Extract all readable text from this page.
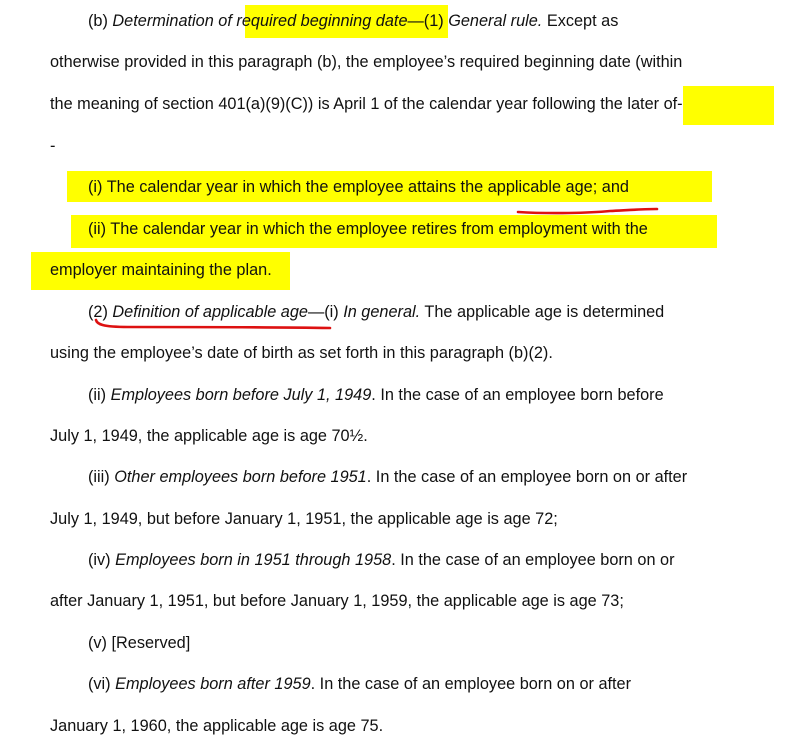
(b) Determination of required beginning date—(1) General rule. Except as
otherwise provided in this paragraph (b), the employee’s required beginning date (within
the meaning of section 401(a)(9)(C)) is April 1 of the calendar year following the later of-
-
(i) The calendar year in which the employee attains the applicable age; and
(ii) The calendar year in which the employee retires from employment with the
employer maintaining the plan.
(2) Definition of applicable age—(i) In general. The applicable age is determined
using the employee’s date of birth as set forth in this paragraph (b)(2).
(ii) Employees born before July 1, 1949. In the case of an employee born before
July 1, 1949, the applicable age is age 70½.
(iii) Other employees born before 1951. In the case of an employee born on or after
July 1, 1949, but before January 1, 1951, the applicable age is age 72;
(iv) Employees born in 1951 through 1958. In the case of an employee born on or
after January 1, 1951, but before January 1, 1959, the applicable age is age 73;
(v) [Reserved]
(vi) Employees born after 1959. In the case of an employee born on or after
January 1, 1960, the applicable age is age 75.
